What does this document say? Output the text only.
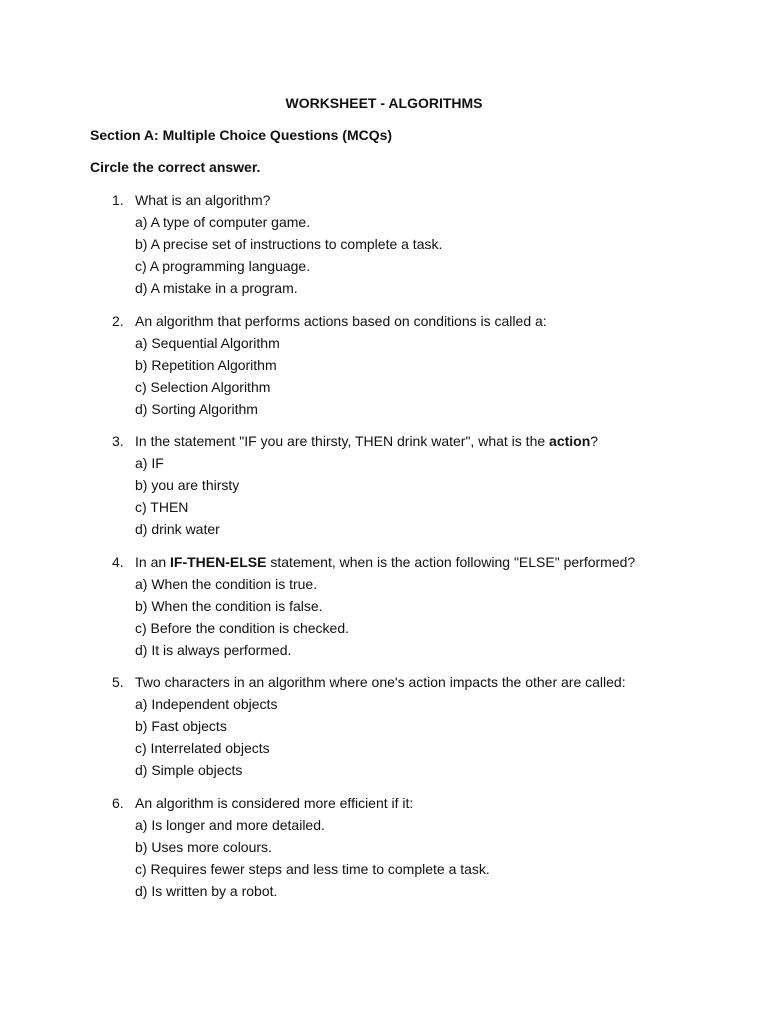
WORKSHEET - ALGORITHMS

Section A: Multiple Choice Questions (MCQs)

Circle the correct answer.

1. What is an algorithm?
a) A type of computer game.
b) A precise set of instructions to complete a task.
c) A programming language.
d) A mistake in a program.
2. An algorithm that performs actions based on conditions is called a:
a) Sequential Algorithm
b) Repetition Algorithm
c) Selection Algorithm
d) Sorting Algorithm
3. In the statement "IF you are thirsty, THEN drink water", what is the action?
a) IF
b) you are thirsty
c) THEN
d) drink water
4. In an IF-THEN-ELSE statement, when is the action following "ELSE" performed?
a) When the condition is true.
b) When the condition is false.
c) Before the condition is checked.
d) It is always performed.
5. Two characters in an algorithm where one's action impacts the other are called:
a) Independent objects
b) Fast objects
c) Interrelated objects
d) Simple objects
6. An algorithm is considered more efficient if it:
a) Is longer and more detailed.
b) Uses more colours.
c) Requires fewer steps and less time to complete a task.
d) Is written by a robot.
